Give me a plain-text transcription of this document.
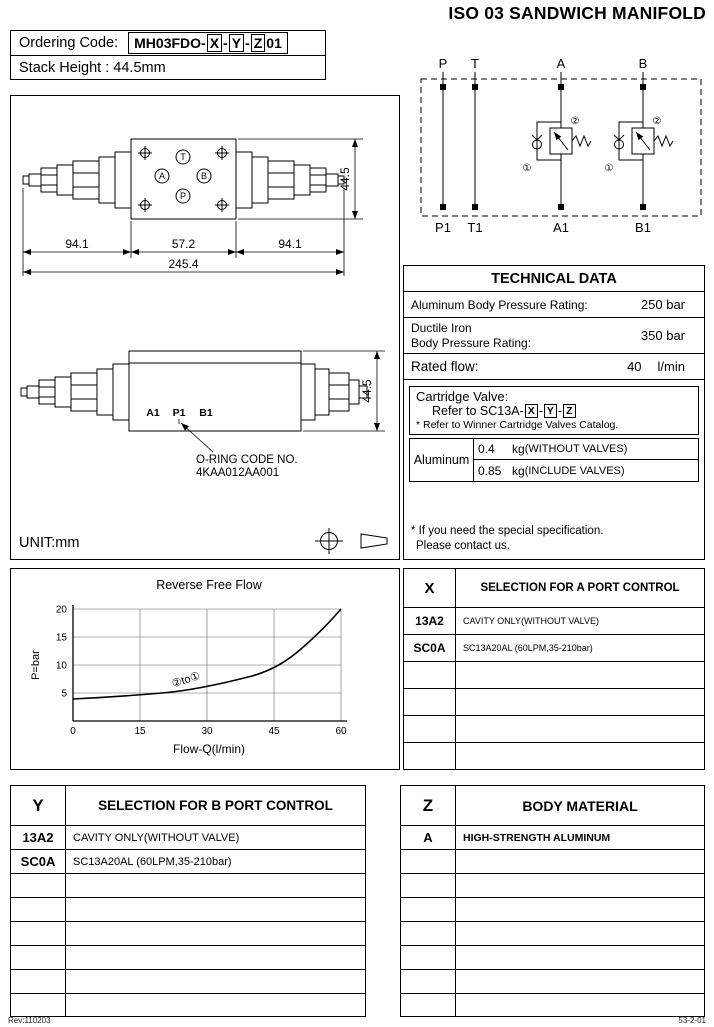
ISO 03 SANDWICH MANIFOLD
Ordering Code: MH03FDO- X - Y - Z 01
Stack Height : 44.5mm
T
A	B
P
94.1	57.2	94.1
245.4
44.5
A1 P1 B1
O-RING CODE NO.
4KAA012AA001
44.5
UNIT:mm
P T	A	B
P1 T1	A1	B1
②
①
②
①
TECHNICAL DATA
Aluminum Body Pressure Rating:	250 bar
Ductile Iron
Body Pressure Rating:	350 bar
Rated flow:	40 l/min
Cartridge Valve:
Refer to SC13A- X - Y - Z
* Refer to Winner Cartridge Valves Catalog.
Aluminum
0.4	kg (WITHOUT VALVES)
0.85 kg (INCLUDE VALVES)
* If you need the special specification.
Please contact us.
Reverse Free Flow
5
10
15
20
0	15	30	45	60
P=bar
Flow-Q(l/min)
②to①
X	SELECTION FOR A PORT CONTROL
13A2	CAVITY ONLY(WITHOUT VALVE)
SC0A	SC13A20AL (60LPM,35-210bar)
Y	SELECTION FOR B PORT CONTROL
13A2	CAVITY ONLY(WITHOUT VALVE)
SC0A	SC13A20AL (60LPM,35-210bar)
Z	BODY MATERIAL
A	HIGH-STRENGTH ALUMINUM
Rev:110203	53-2-01
